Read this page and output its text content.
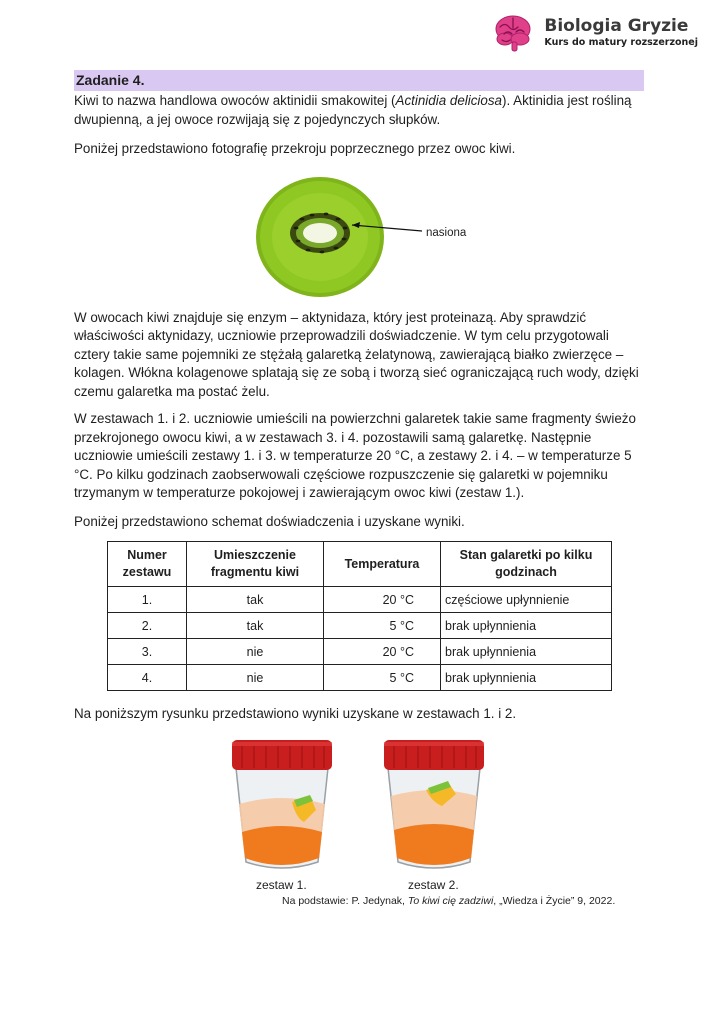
Biologia Gryzie
Kurs do matury rozszerzonej
Zadanie 4.

Kiwi to nazwa handlowa owoców aktinidii smakowitej (Actinidia deliciosa). Aktinidia jest rośliną dwupienną, a jej owoce rozwijają się z pojedynczych słupków.

Poniżej przedstawiono fotografię przekroju poprzecznego przez owoc kiwi.

nasiona

W owocach kiwi znajduje się enzym – aktynidaza, który jest proteinazą. Aby sprawdzić właściwości aktynidazy, uczniowie przeprowadzili doświadczenie. W tym celu przygotowali cztery takie same pojemniki ze stężałą galaretką żelatynową, zawierającą białko zwierzęce – kolagen. Włókna kolagenowe splatają się ze sobą i tworzą sieć ograniczającą ruch wody, dzięki czemu galaretka ma postać żelu.

W zestawach 1. i 2. uczniowie umieścili na powierzchni galaretek takie same fragmenty świeżo przekrojonego owocu kiwi, a w zestawach 3. i 4. pozostawili samą galaretkę. Następnie uczniowie umieścili zestawy 1. i 3. w temperaturze 20 °C, a zestawy 2. i 4. – w temperaturze 5 °C. Po kilku godzinach zaobserwowali częściowe rozpuszczenie się galaretki w pojemniku trzymanym w temperaturze pokojowej i zawierającym owoc kiwi (zestaw 1.).

Poniżej przedstawiono schemat doświadczenia i uzyskane wyniki.

Numer zestawu	Umieszczenie fragmentu kiwi	Temperatura	Stan galaretki po kilku godzinach
1.	tak	20 °C	częściowe upłynnienie
2.	tak	5 °C	brak upłynnienia
3.	nie	20 °C	brak upłynnienia
4.	nie	5 °C	brak upłynnienia

Na poniższym rysunku przedstawiono wyniki uzyskane w zestawach 1. i 2.

zestaw 1.	zestaw 2.
Na podstawie: P. Jedynak, To kiwi cię zadziwi, „Wiedza i Życie” 9, 2022.
